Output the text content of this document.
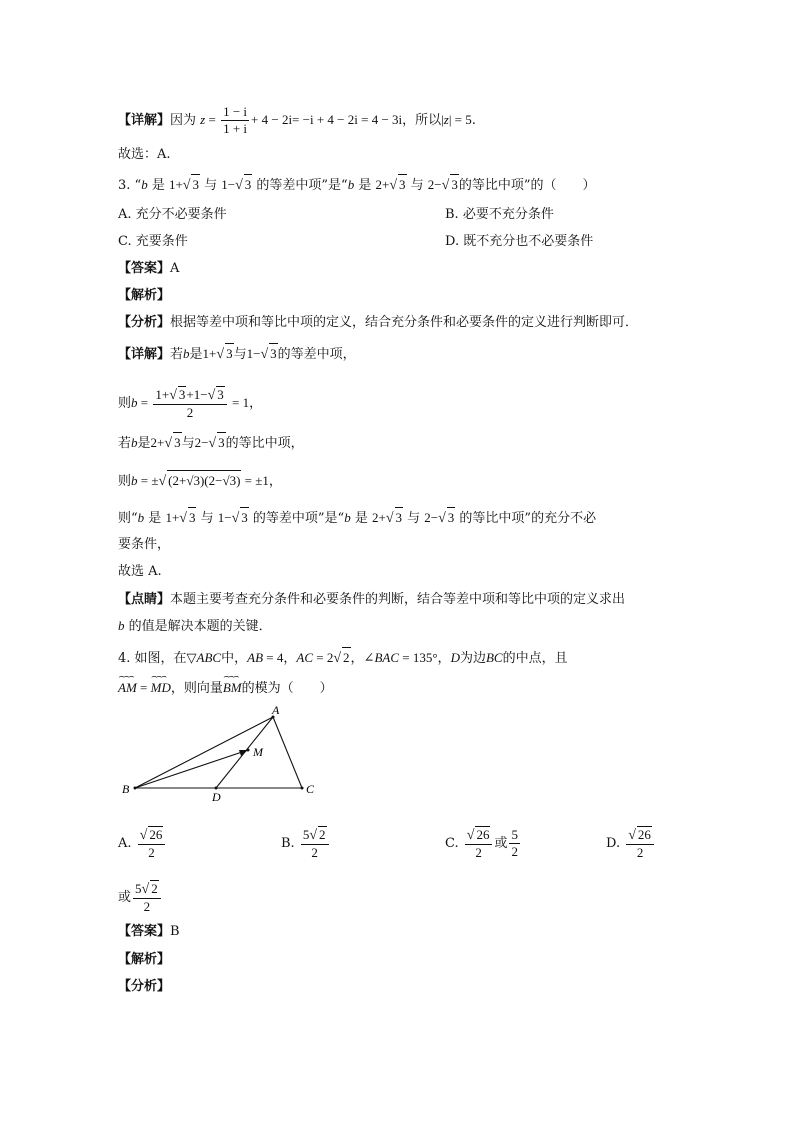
【详解】因为 $z = \frac{1 - i}{1 + i} + 4 - 2i= -i + 4 - 2i = 4 - 3i$，所以|z| = 5.
故选：A.
3. “b 是 1+√ 3 与 1−√ 3 的等差中项”是“b 是 2+√ 3 与 2−√ 3的等比中项”的（　　）
A. 充分不必要条件	B. 必要不充分条件
C. 充要条件	D. 既不充分也不必要条件
【答案】A
【解析】
【分析】根据等差中项和等比中项的定义，结合充分条件和必要条件的定义进行判断即可．
【详解】若b是1+√ 3与1−√ 3的等差中项，
则$b = \frac{1+√ 3+1-√ 3}{2} = 1$，
若b是2+√ 3与2−√ 3的等比中项，
则b = ±√ (2+√3)(2−√3) = ±1，
则“b 是 1+√ 3 与 1−√ 3 的等差中项”是“b 是 2+√ 3 与 2−√ 3 的等比中项”的充分不必
要条件，
故选 A.
【点睛】本题主要考查充分条件和必要条件的判断，结合等差中项和等比中项的定义求出
b 的值是解决本题的关键．
4. 如图，在▽ABC中，AB = 4，AC = 2√ 2，∠BAC = 135°，D为边BC的中点，且
⌢⌢⌢
AM =
⌢⌢⌢
MD，则向量
⌢⌢⌢
BM的模为（　　）
A
M
B
D
C
A. $\frac{√ 26}{2}$	B. $\frac{5√ 2}{2}$	C. $\frac{√ 26}{2}$ 或 $\frac{5}{2}$	D. $\frac{√ 26}{2}$
或 $\frac{5√ 2}{2}$
【答案】B
【解析】
【分析】
